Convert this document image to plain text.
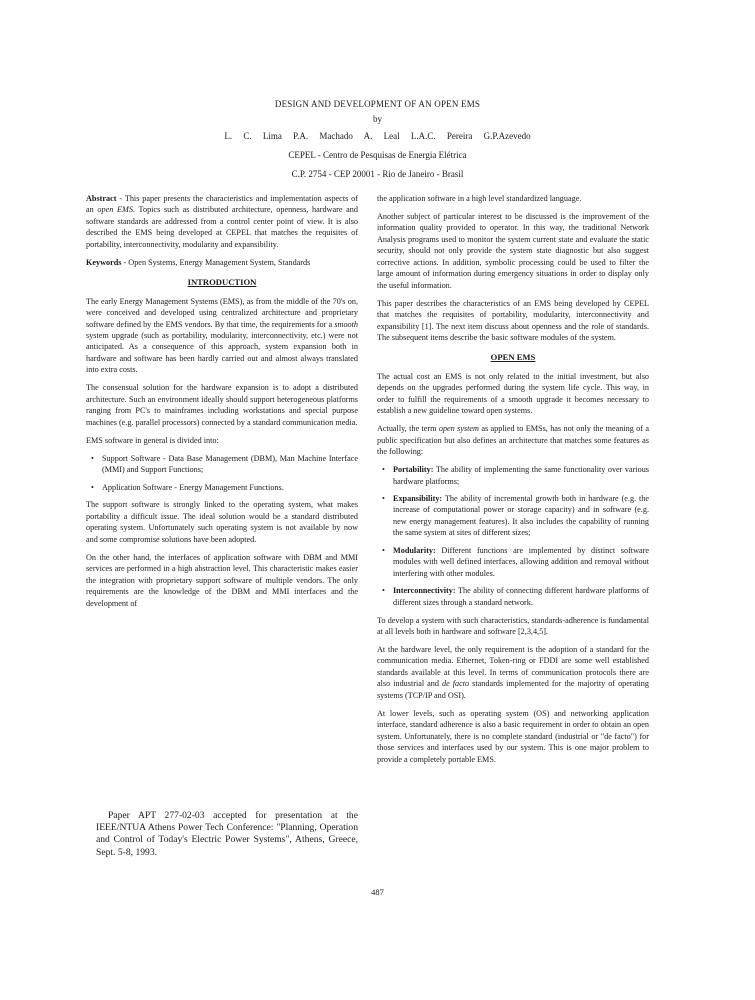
DESIGN AND DEVELOPMENT OF AN OPEN EMS
by
L. C. Lima P.A. Machado A. Leal L.A.C. Pereira G.P.Azevedo
CEPEL - Centro de Pesquisas de Energia Elétrica
C.P. 2754 - CEP 20001 - Rio de Janeiro - Brasil

Abstract - This paper presents the characteristics and implementation aspects of an open EMS. Topics such as distributed architecture, openness, hardware and software standards are addressed from a control center point of view. It is also described the EMS being developed at CEPEL that matches the requisites of portability, interconnectivity, modularity and expansibility.

Keywords - Open Systems, Energy Management System, Standards

INTRODUCTION

The early Energy Management Systems (EMS), as from the middle of the 70's on, were conceived and developed using centralized architecture and proprietary software defined by the EMS vendors. By that time, the requirements for a smooth system upgrade (such as portability, modularity, interconnectivity, etc.) were not anticipated. As a consequence of this approach, system expansion both in hardware and software has been hardly carried out and almost always translated into extra costs.

The consensual solution for the hardware expansion is to adopt a distributed architecture. Such an environment ideally should support heterogeneous platforms ranging from PC's to mainframes including workstations and special purpose machines (e.g. parallel processors) connected by a standard communication media.

EMS software in general is divided into:

• Support Software - Data Base Management (DBM), Man Machine Interface (MMI) and Support Functions;
• Application Software - Energy Management Functions.

The support software is strongly linked to the operating system, what makes portability a difficult issue. The ideal solution would be a standard distributed operating system. Unfortunately such operating system is not available by now and some compromise solutions have been adopted.

On the other hand, the interfaces of application software with DBM and MMI services are performed in a high abstraction level. This characteristic makes easier the integration with proprietary support software of multiple vendors. The only requirements are the knowledge of the DBM and MMI interfaces and the development of

the application software in a high level standardized language.

Another subject of particular interest to be discussed is the improvement of the information quality provided to operator. In this way, the traditional Network Analysis programs used to monitor the system current state and evaluate the static security, should not only provide the system state diagnostic but also suggest corrective actions. In addition, symbolic processing could be used to filter the large amount of information during emergency situations in order to display only the useful information.

This paper describes the characteristics of an EMS being developed by CEPEL that matches the requisites of portability, modularity, interconnectivity and expansibility [1]. The next item discuss about openness and the role of standards. The subsequent items describe the basic software modules of the system.

OPEN EMS

The actual cost an EMS is not only related to the initial investment, but also depends on the upgrades performed during the system life cycle. This way, in order to fulfill the requirements of a smooth upgrade it becomes necessary to establish a new guideline toward open systems.

Actually, the term open system as applied to EMSs, has not only the meaning of a public specification but also defines an architecture that matches some features as the following:

• Portability: The ability of implementing the same functionality over various hardware platforms;
• Expansibility: The ability of incremental growth both in hardware (e.g. the increase of computational power or storage capacity) and in software (e.g. new energy management features). It also includes the capability of running the same system at sites of different sizes;
• Modularity: Different functions are implemented by distinct software modules with well defined interfaces, allowing addition and removal without interfering with other modules.
• Interconnectivity: The ability of connecting different hardware platforms of different sizes through a standard network.

To develop a system with such characteristics, standards-adherence is fundamental at all levels both in hardware and software [2,3,4,5].

At the hardware level, the only requirement is the adoption of a standard for the communication media. Ethernet, Token-ring or FDDI are some well established standards available at this level. In terms of communication protocols there are also industrial and de facto standards implemented for the majority of operating systems (TCP/IP and OSI).

At lower levels, such as operating system (OS) and networking application interface, standard adherence is also a basic requirement in order to obtain an open system. Unfortunately, there is no complete standard (industrial or "de facto") for those services and interfaces used by our system. This is one major problem to provide a completely portable EMS.

Paper APT 277-02-03 accepted for presentation at the IEEE/NTUA Athens Power Tech Conference: "Planning, Operation and Control of Today's Electric Power Systems", Athens, Greece, Sept. 5-8, 1993.
487
